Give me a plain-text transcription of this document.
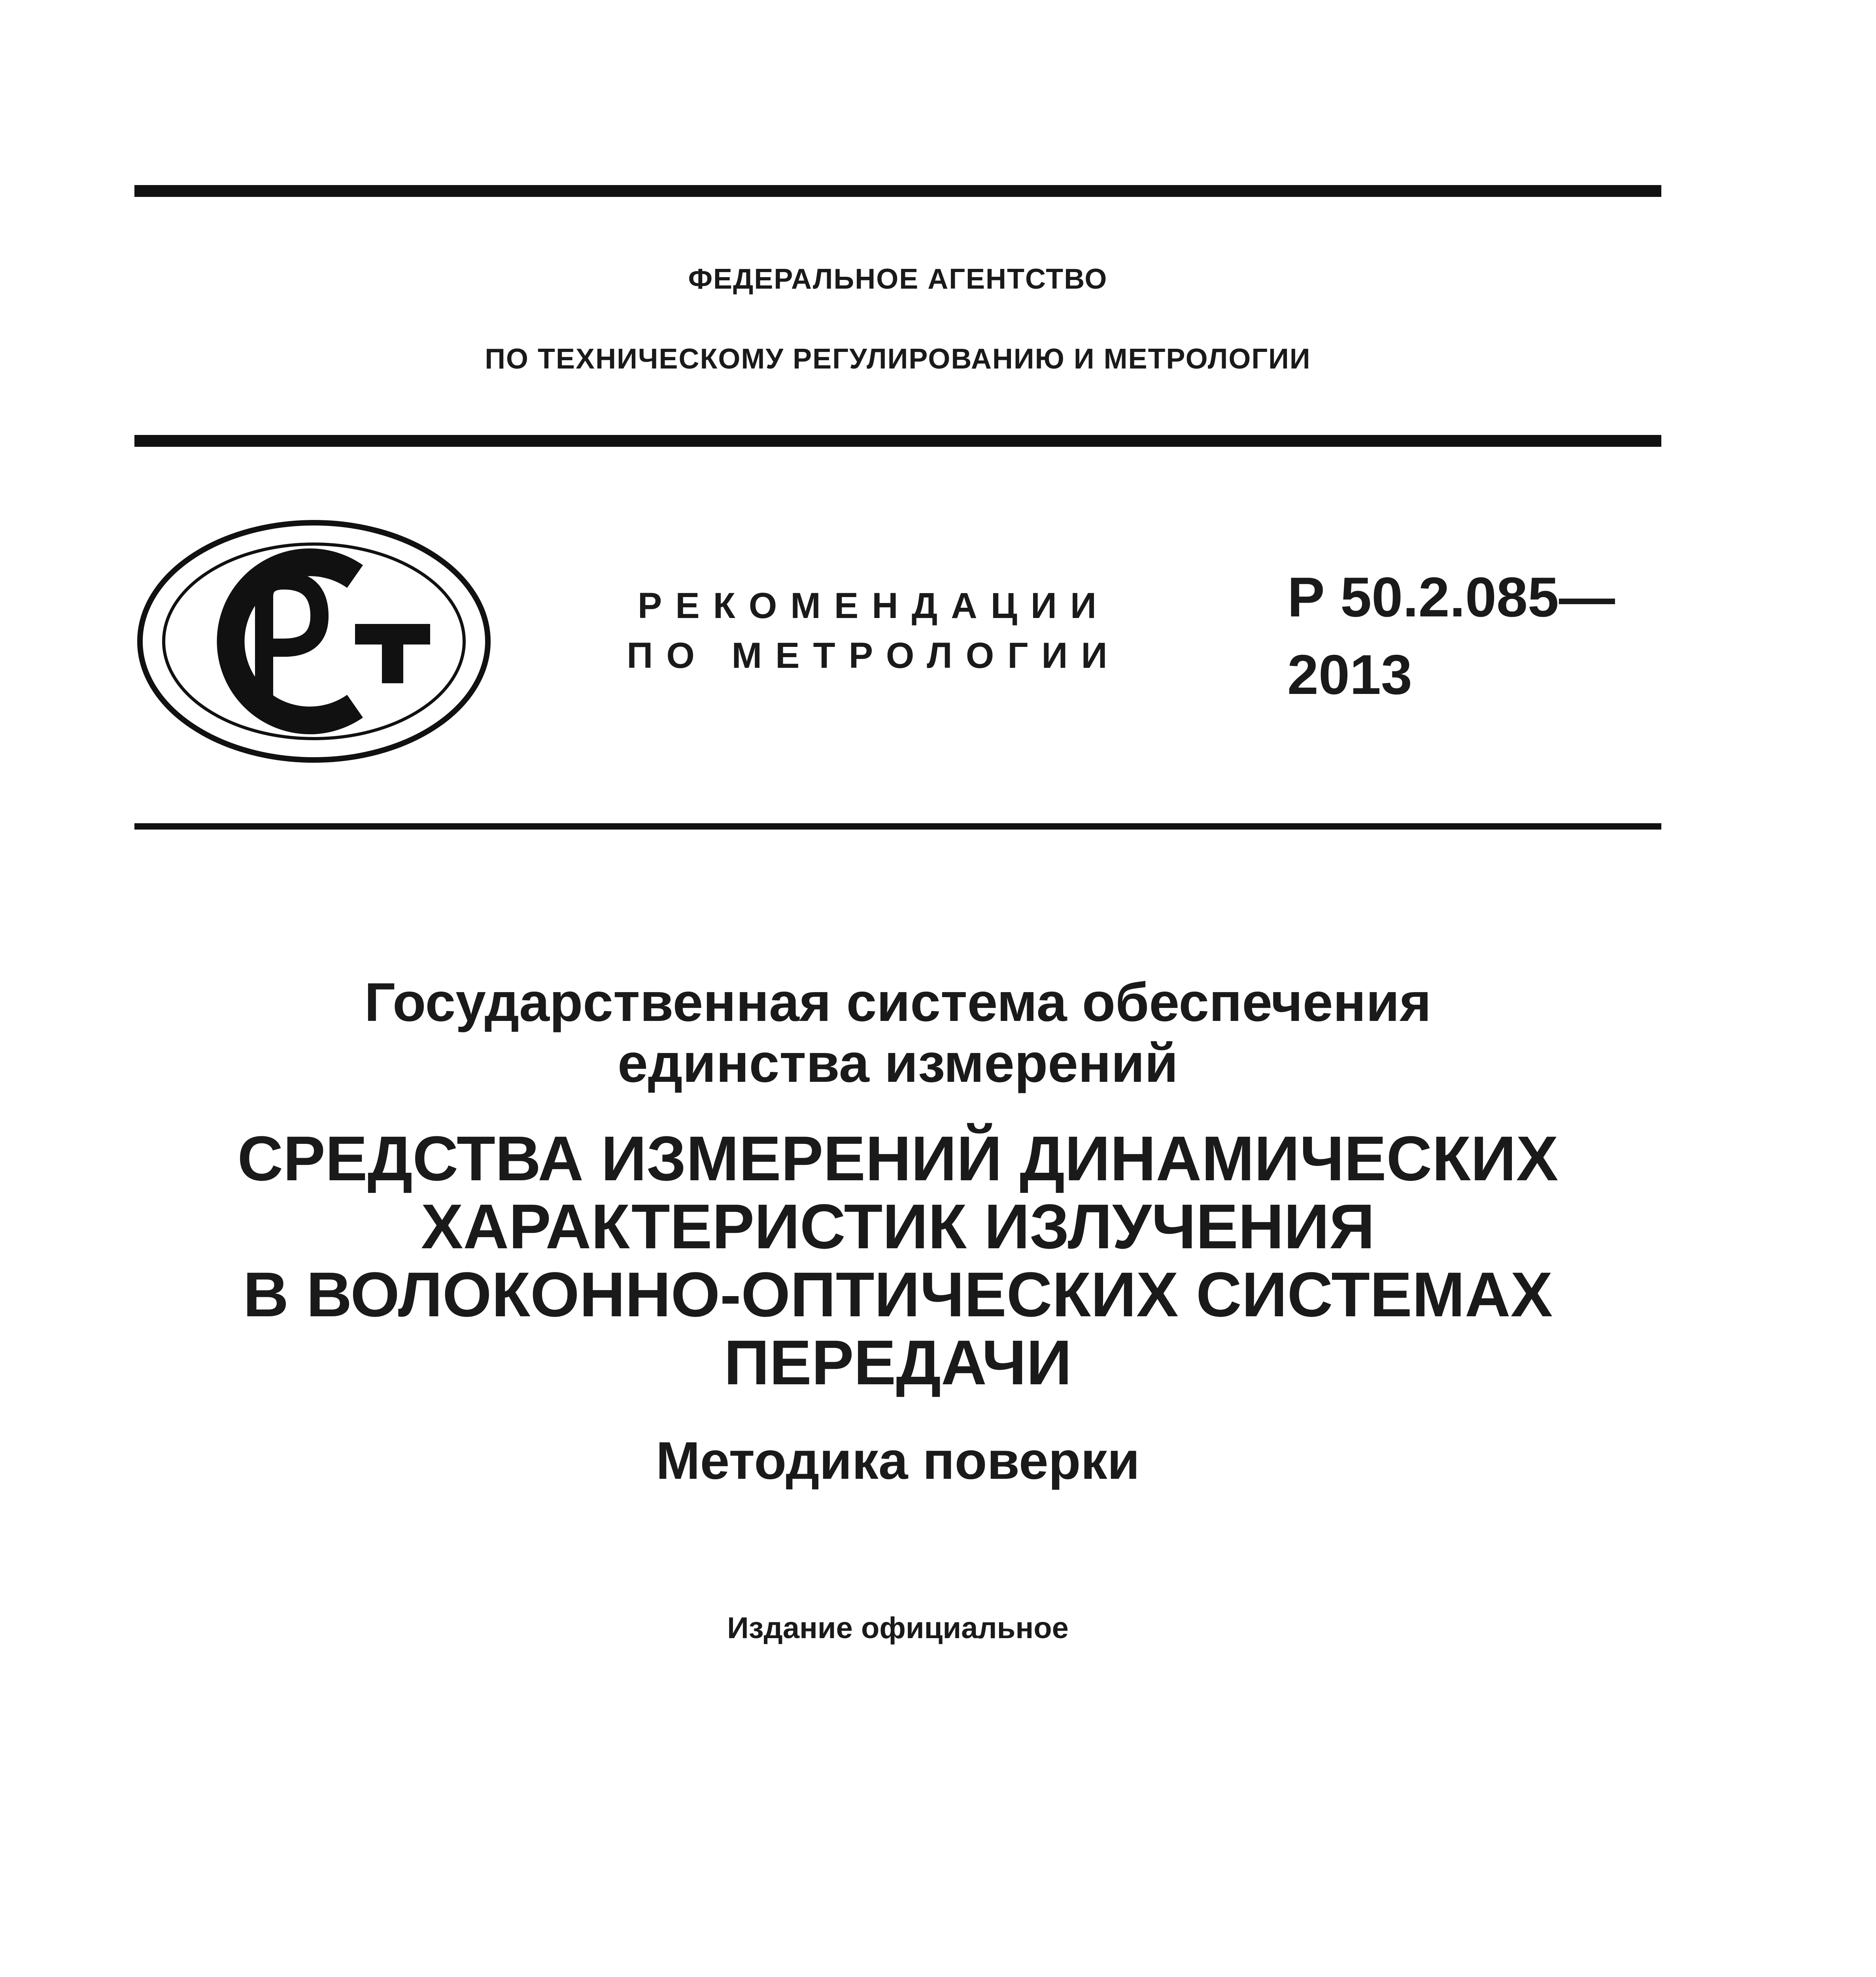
ФЕДЕРАЛЬНОЕ АГЕНТСТВО
ПО ТЕХНИЧЕСКОМУ РЕГУЛИРОВАНИЮ И МЕТРОЛОГИИ
РЕКОМЕНДАЦИИ
ПО МЕТРОЛОГИИ
Р 50.2.085—
2013
Государственная система обеспечения
единства измерений
СРЕДСТВА ИЗМЕРЕНИЙ ДИНАМИЧЕСКИХ
ХАРАКТЕРИСТИК ИЗЛУЧЕНИЯ
В ВОЛОКОННО-ОПТИЧЕСКИХ СИСТЕМАХ
ПЕРЕДАЧИ
Методика поверки
Издание официальное
